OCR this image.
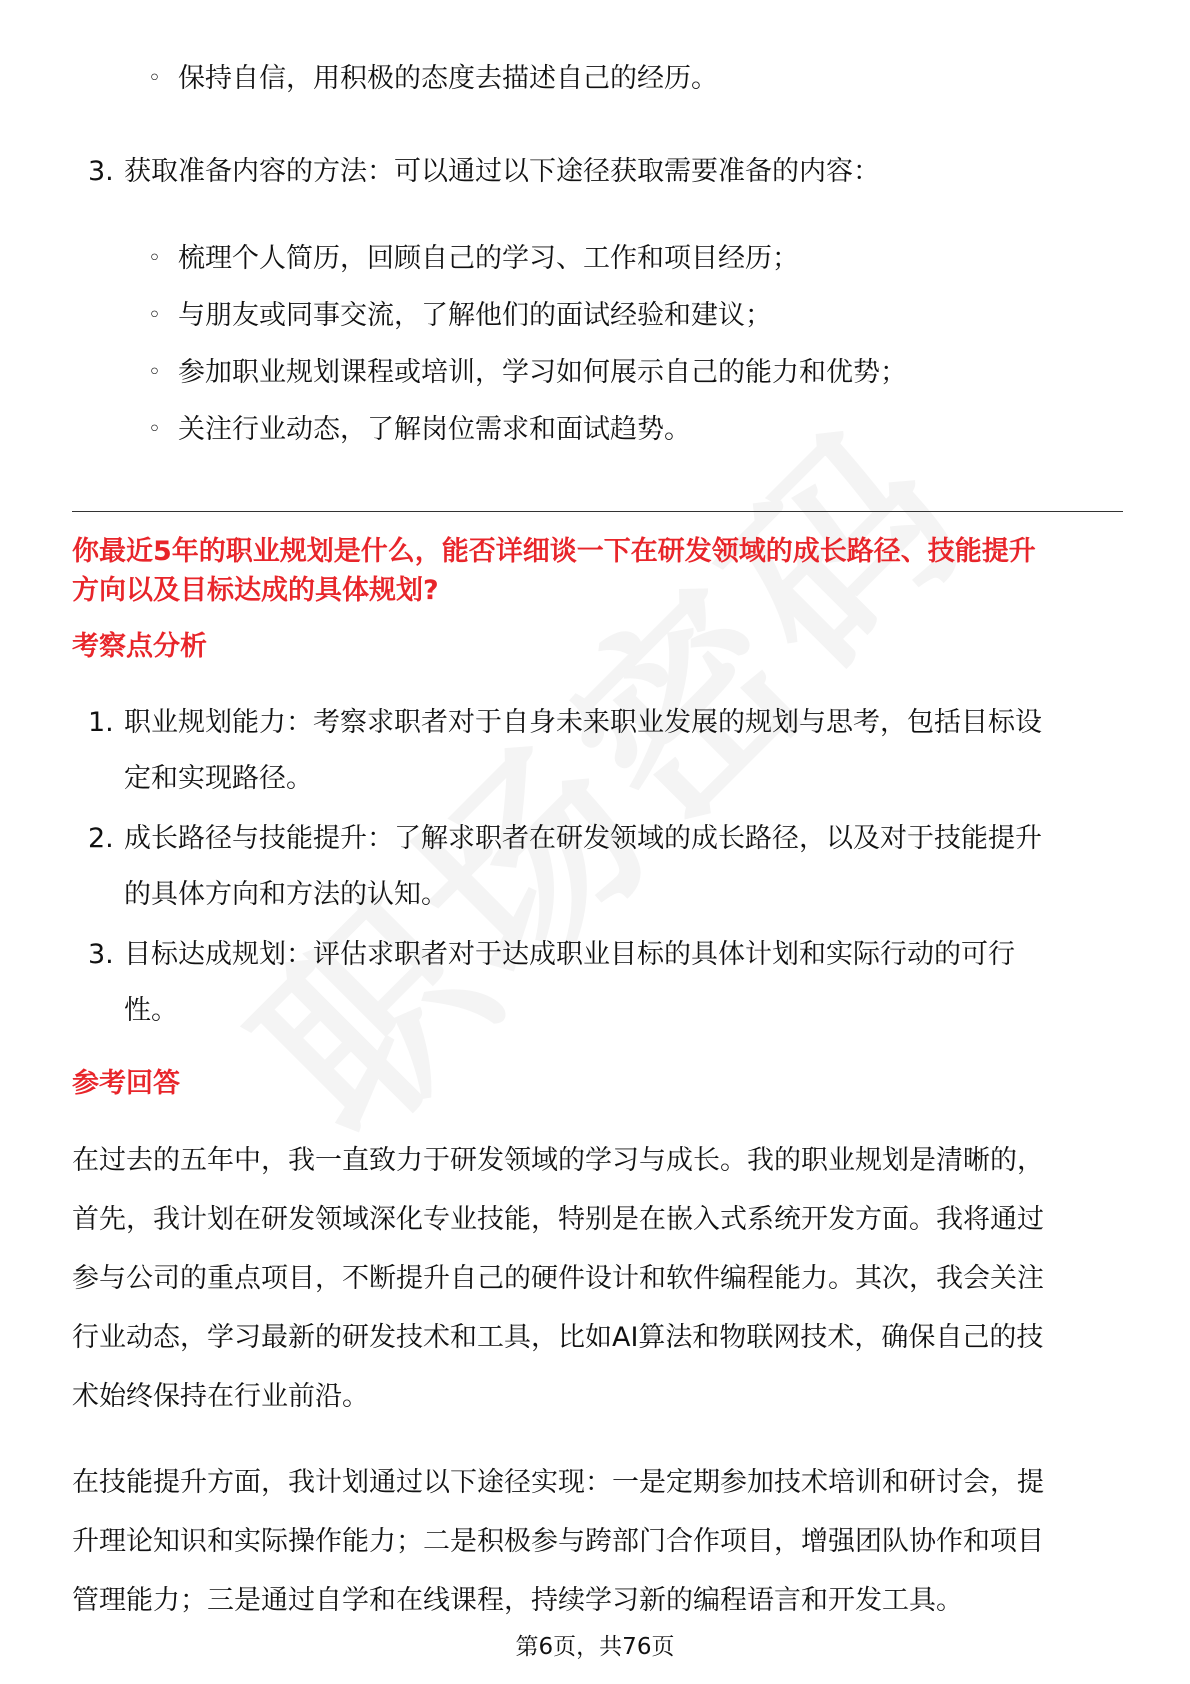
◦ 保持自信，用积极的态度去描述自己的经历。
3. 获取准备内容的方法：可以通过以下途径获取需要准备的内容：
◦ 梳理个人简历，回顾自己的学习、工作和项目经历；
◦ 与朋友或同事交流，了解他们的面试经验和建议；
◦ 参加职业规划课程或培训，学习如何展示自己的能力和优势；
◦ 关注行业动态，了解岗位需求和面试趋势。
你最近5年的职业规划是什么，能否详细谈一下在研发领域的成长路径、技能提升
方向以及目标达成的具体规划?
考察点分析
1. 职业规划能力：考察求职者对于自身未来职业发展的规划与思考，包括目标设
定和实现路径。
2. 成长路径与技能提升：了解求职者在研发领域的成长路径，以及对于技能提升
的具体方向和方法的认知。
3. 目标达成规划：评估求职者对于达成职业目标的具体计划和实际行动的可行
性。
参考回答
在过去的五年中，我一直致力于研发领域的学习与成长。我的职业规划是清晰的，
首先，我计划在研发领域深化专业技能，特别是在嵌入式系统开发方面。我将通过
参与公司的重点项目，不断提升自己的硬件设计和软件编程能力。其次，我会关注
行业动态，学习最新的研发技术和工具，比如AI算法和物联网技术，确保自己的技
术始终保持在行业前沿。
在技能提升方面，我计划通过以下途径实现：一是定期参加技术培训和研讨会，提
升理论知识和实际操作能力；二是积极参与跨部门合作项目，增强团队协作和项目
管理能力；三是通过自学和在线课程，持续学习新的编程语言和开发工具。
第6页，共76页
